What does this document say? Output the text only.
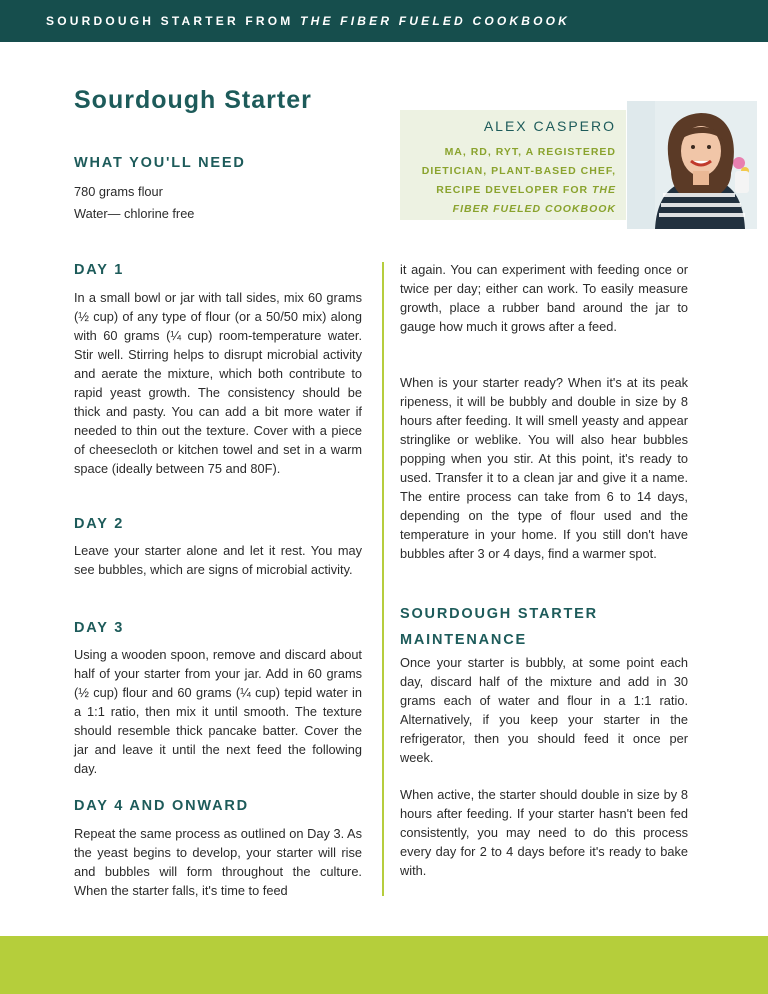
SOURDOUGH STARTER FROM THE FIBER FUELED COOKBOOK
Sourdough Starter
ALEX CASPERO
MA, RD, RYT, A REGISTERED
DIETICIAN, PLANT-BASED CHEF,
RECIPE DEVELOPER FOR THE
FIBER FUELED COOKBOOK
WHAT YOU'LL NEED
780 grams flour
Water— chlorine free
DAY 1

In a small bowl or jar with tall sides, mix 60 grams (½ cup) of any type of flour (or a 50/50 mix) along with 60 grams (¼ cup) room-temperature water. Stir well. Stirring helps to disrupt microbial activity and aerate the mixture, which both contribute to rapid yeast growth. The consistency should be thick and pasty. You can add a bit more water if needed to thin out the texture. Cover with a piece of cheesecloth or kitchen towel and set in a warm space (ideally between 75 and 80F).

DAY 2

Leave your starter alone and let it rest. You may see bubbles, which are signs of microbial activity.

DAY 3

Using a wooden spoon, remove and discard about half of your starter from your jar. Add in 60 grams (½ cup) flour and 60 grams (¼ cup) tepid water in a 1:1 ratio, then mix it until smooth. The texture should resemble thick pancake batter. Cover the jar and leave it until the next feed the following day.

DAY 4 AND ONWARD

Repeat the same process as outlined on Day 3. As the yeast begins to develop, your starter will rise and bubbles will form throughout the culture. When the starter falls, it's time to feed

it again. You can experiment with feeding once or twice per day; either can work. To easily measure growth, place a rubber band around the jar to gauge how much it grows after a feed.

When is your starter ready? When it's at its peak ripeness, it will be bubbly and double in size by 8 hours after feeding. It will smell yeasty and appear stringlike or weblike. You will also hear bubbles popping when you stir. At this point, it's ready to used. Transfer it to a clean jar and give it a name. The entire process can take from 6 to 14 days, depending on the type of flour used and the temperature in your home. If you still don't have bubbles after 3 or 4 days, find a warmer spot.

SOURDOUGH STARTER
MAINTENANCE

Once your starter is bubbly, at some point each day, discard half of the mixture and add in 30 grams each of water and flour in a 1:1 ratio. Alternatively, if you keep your starter in the refrigerator, then you should feed it once per week.

When active, the starter should double in size by 8 hours after feeding. If your starter hasn't been fed consistently, you may need to do this process every day for 2 to 4 days before it's ready to bake with.
